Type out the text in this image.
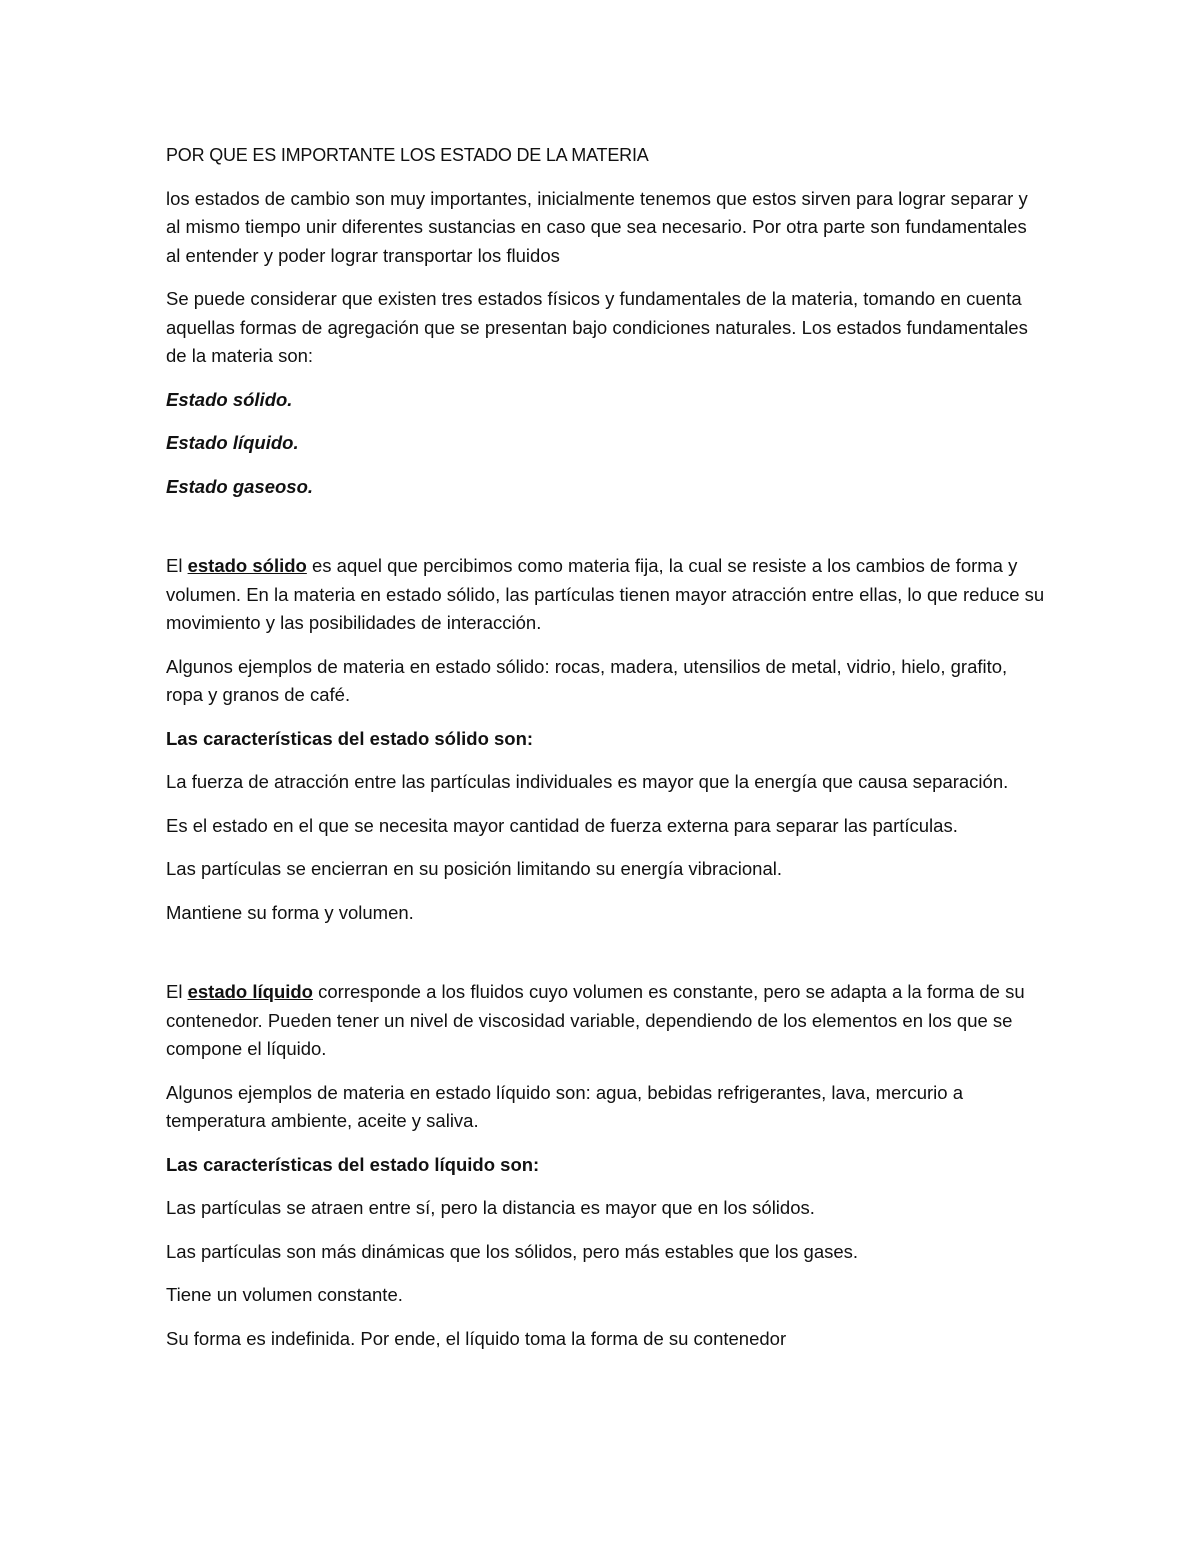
POR QUE ES IMPORTANTE LOS ESTADO DE LA MATERIA

los estados de cambio son muy importantes, inicialmente tenemos que estos sirven para lograr separar y al mismo tiempo unir diferentes sustancias en caso que sea necesario. Por otra parte son fundamentales al entender y poder lograr transportar los fluidos

Se puede considerar que existen tres estados físicos y fundamentales de la materia, tomando en cuenta aquellas formas de agregación que se presentan bajo condiciones naturales. Los estados fundamentales de la materia son:

Estado sólido.

Estado líquido.

Estado gaseoso.

El estado sólido es aquel que percibimos como materia fija, la cual se resiste a los cambios de forma y volumen. En la materia en estado sólido, las partículas tienen mayor atracción entre ellas, lo que reduce su movimiento y las posibilidades de interacción.

Algunos ejemplos de materia en estado sólido: rocas, madera, utensilios de metal, vidrio, hielo, grafito, ropa y granos de café.

Las características del estado sólido son:

La fuerza de atracción entre las partículas individuales es mayor que la energía que causa separación.

Es el estado en el que se necesita mayor cantidad de fuerza externa para separar las partículas.

Las partículas se encierran en su posición limitando su energía vibracional.

Mantiene su forma y volumen.

El estado líquido corresponde a los fluidos cuyo volumen es constante, pero se adapta a la forma de su contenedor. Pueden tener un nivel de viscosidad variable, dependiendo de los elementos en los que se compone el líquido.

Algunos ejemplos de materia en estado líquido son: agua, bebidas refrigerantes, lava, mercurio a temperatura ambiente, aceite y saliva.

Las características del estado líquido son:

Las partículas se atraen entre sí, pero la distancia es mayor que en los sólidos.

Las partículas son más dinámicas que los sólidos, pero más estables que los gases.

Tiene un volumen constante.

Su forma es indefinida. Por ende, el líquido toma la forma de su contenedor
